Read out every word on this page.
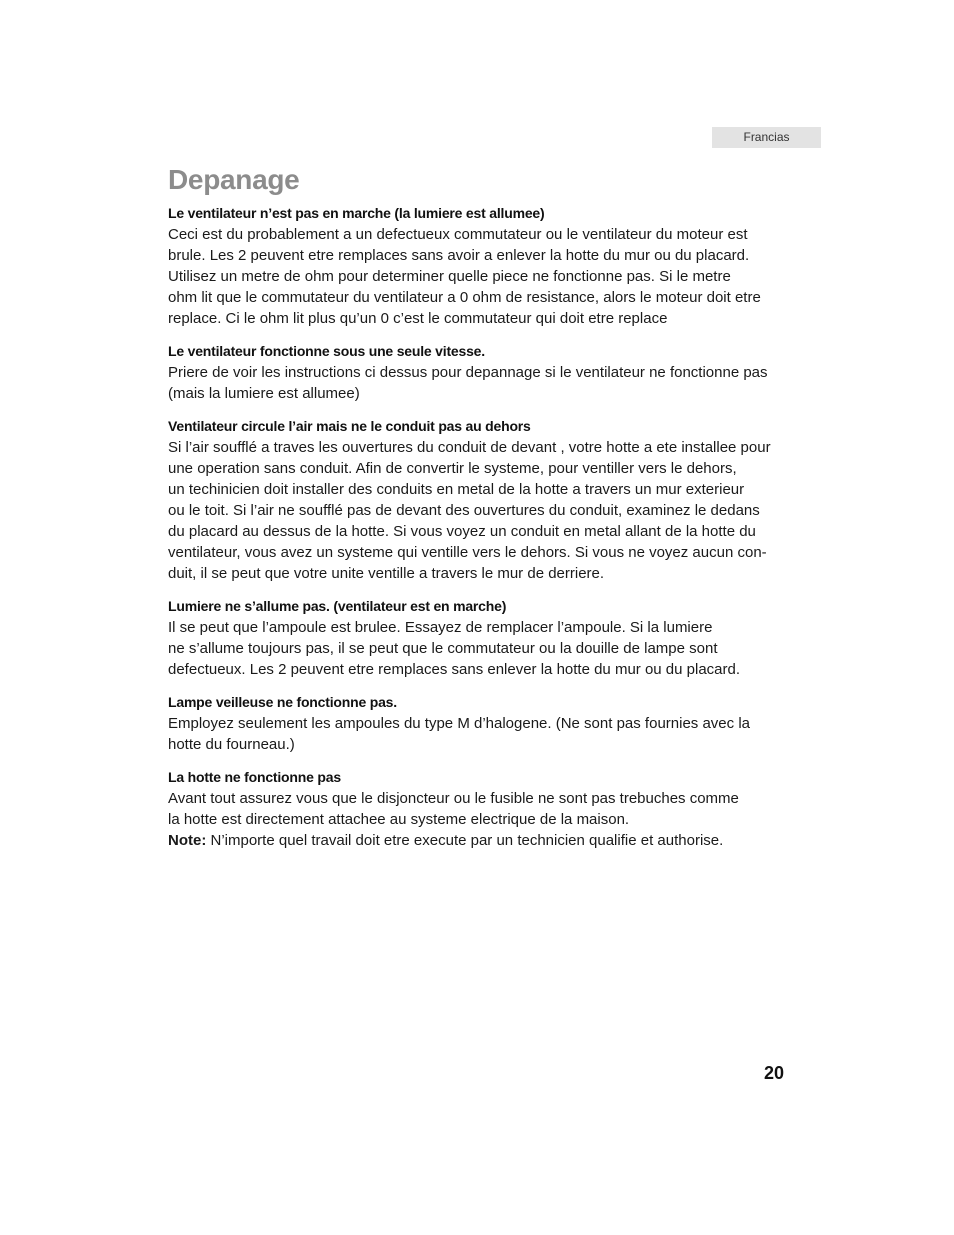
Francias
Depanage
Le ventilateur n’est pas en marche (la lumiere est allumee)

Ceci est du probablement a un defectueux commutateur ou le ventilateur du moteur est
brule. Les 2 peuvent etre remplaces sans avoir a enlever la hotte du mur ou du placard.
Utilisez un metre de ohm pour determiner quelle piece ne fonctionne pas. Si le metre
ohm lit que le commutateur du ventilateur a 0 ohm de resistance, alors le moteur doit etre
replace. Ci le ohm lit plus qu’un 0 c’est le commutateur qui doit etre replace

Le ventilateur fonctionne sous une seule vitesse.

Priere de voir les instructions ci dessus pour depannage si le ventilateur ne fonctionne pas
(mais la lumiere est allumee)

Ventilateur circule l’air mais ne le conduit pas au dehors

Si l’air soufflé a traves les ouvertures du conduit de devant , votre hotte a ete installee pour
une operation sans conduit. Afin de convertir le systeme, pour ventiller vers le dehors,
un techinicien doit installer des conduits en metal de la hotte a travers un mur exterieur
ou le toit. Si l’air ne soufflé pas de devant des ouvertures du conduit, examinez le dedans
du placard au dessus de la hotte. Si vous voyez un conduit en metal allant de la hotte du
ventilateur, vous avez un systeme qui ventille vers le dehors. Si vous ne voyez aucun con-
duit, il se peut que votre unite ventille a travers le mur de derriere.

Lumiere ne s’allume pas. (ventilateur est en marche)

Il se peut que l’ampoule est brulee. Essayez de remplacer l’ampoule. Si la lumiere
ne s’allume toujours pas, il se peut que le commutateur ou la douille de lampe sont
defectueux. Les 2 peuvent etre remplaces sans enlever la hotte du mur ou du placard.

Lampe veilleuse ne fonctionne pas.

Employez seulement les ampoules du type M d’halogene. (Ne sont pas fournies avec la
hotte du fourneau.)

La hotte ne fonctionne pas

Avant tout assurez vous que le disjoncteur ou le fusible ne sont pas trebuches comme
la hotte est directement attachee au systeme electrique de la maison.

Note: N’importe quel travail doit etre execute par un technicien qualifie et authorise.

20
